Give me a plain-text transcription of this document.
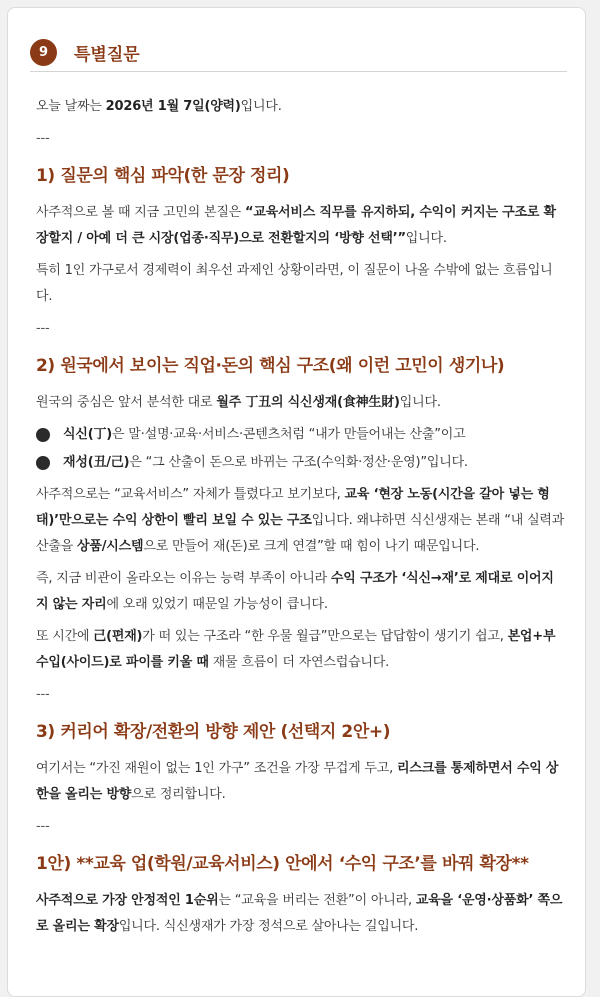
9	특별질문

오늘 날짜는 2026년 1월 7일(양력)입니다.

---

1) 질문의 핵심 파악(한 문장 정리)

사주적으로 볼 때 지금 고민의 본질은 “교육서비스 직무를 유지하되, 수익이 커지는 구조로 확장할지 / 아예 더 큰 시장(업종·직무)으로 전환할지의 ‘방향 선택’”입니다.

특히 1인 가구로서 경제력이 최우선 과제인 상황이라면, 이 질문이 나올 수밖에 없는 흐름입니다.

---

2) 원국에서 보이는 직업·돈의 핵심 구조(왜 이런 고민이 생기나)

원국의 중심은 앞서 분석한 대로 월주 丁丑의 식신생재(食神生財)입니다.

식신(丁)은 말·설명·교육·서비스·콘텐츠처럼 “내가 만들어내는 산출”이고
재성(丑/己)은 “그 산출이 돈으로 바뀌는 구조(수익화·정산·운영)”입니다.

사주적으로는 “교육서비스” 자체가 틀렸다고 보기보다, 교육 ‘현장 노동(시간을 갈아 넣는 형태)’만으로는 수익 상한이 빨리 보일 수 있는 구조입니다. 왜냐하면 식신생재는 본래 “내 실력과 산출을 상품/시스템으로 만들어 재(돈)로 크게 연결”할 때 힘이 나기 때문입니다.

즉, 지금 비관이 올라오는 이유는 능력 부족이 아니라 수익 구조가 ‘식신→재’로 제대로 이어지지 않는 자리에 오래 있었기 때문일 가능성이 큽니다.

또 시간에 己(편재)가 떠 있는 구조라 “한 우물 월급”만으로는 답답함이 생기기 쉽고, 본업+부수입(사이드)로 파이를 키울 때 재물 흐름이 더 자연스럽습니다.

---

3) 커리어 확장/전환의 방향 제안 (선택지 2안+)

여기서는 “가진 재원이 없는 1인 가구” 조건을 가장 무겁게 두고, 리스크를 통제하면서 수익 상한을 올리는 방향으로 정리합니다.

---

1안) **교육 업(학원/교육서비스) 안에서 ‘수익 구조’를 바꿔 확장**

사주적으로 가장 안정적인 1순위는 “교육을 버리는 전환”이 아니라, 교육을 ‘운영·상품화’ 쪽으로 올리는 확장입니다. 식신생재가 가장 정석으로 살아나는 길입니다.
